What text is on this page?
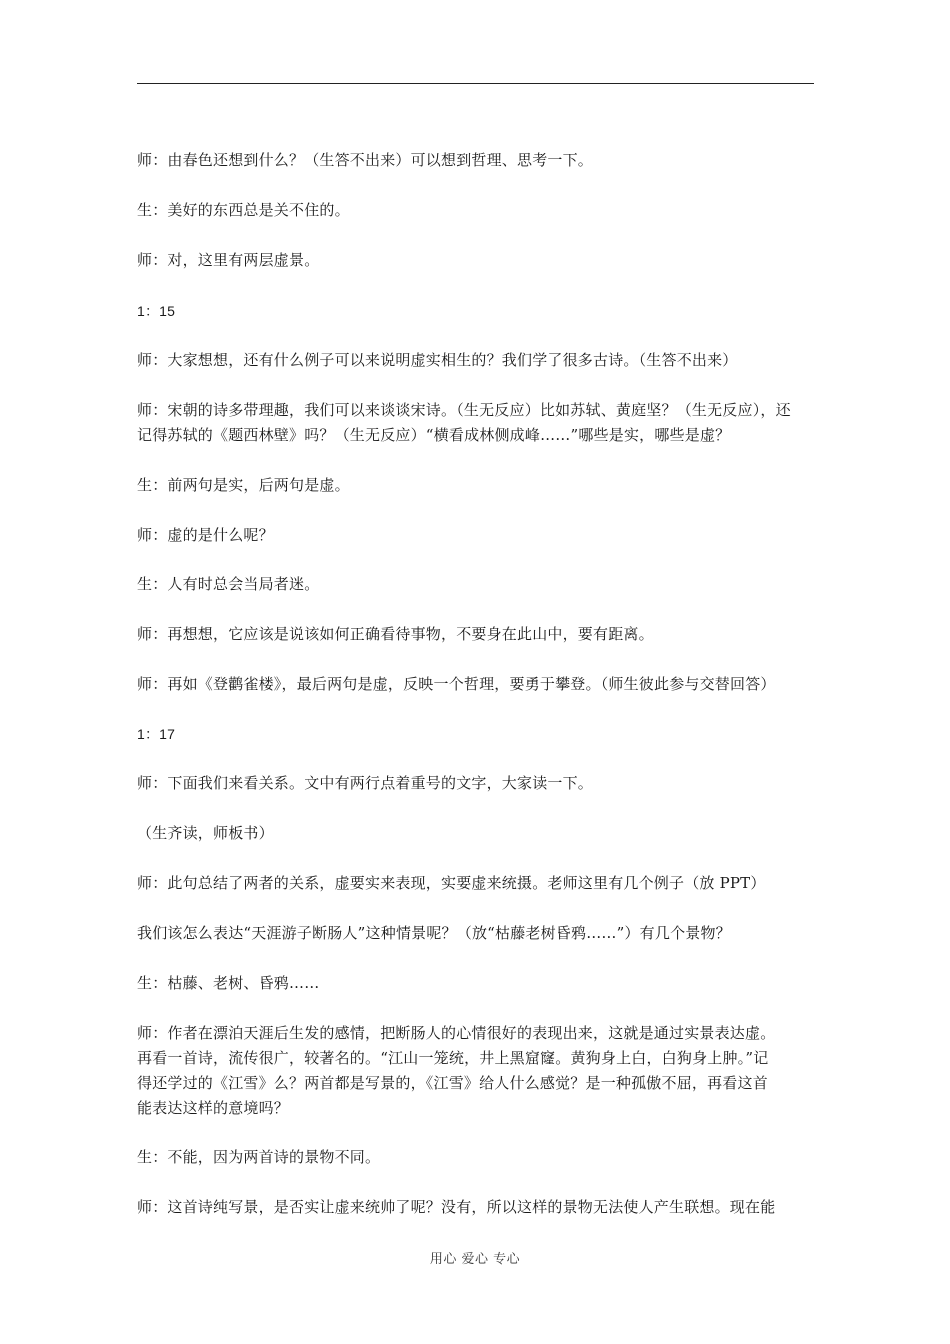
师：由春色还想到什么？（生答不出来）可以想到哲理、思考一下。
生：美好的东西总是关不住的。
师：对，这里有两层虚景。
1：15
师：大家想想，还有什么例子可以来说明虚实相生的？我们学了很多古诗。（生答不出来）
师：宋朝的诗多带理趣，我们可以来谈谈宋诗。（生无反应）比如苏轼、黄庭坚？（生无反应），还
记得苏轼的《题西林壁》吗？（生无反应）“横看成林侧成峰……”哪些是实，哪些是虚？
生：前两句是实，后两句是虚。
师：虚的是什么呢？
生：人有时总会当局者迷。
师：再想想，它应该是说该如何正确看待事物，不要身在此山中，要有距离。
师：再如《登鹳雀楼》，最后两句是虚，反映一个哲理，要勇于攀登。（师生彼此参与交替回答）
1：17
师：下面我们来看关系。文中有两行点着重号的文字，大家读一下。
（生齐读，师板书）
师：此句总结了两者的关系，虚要实来表现，实要虚来统摄。老师这里有几个例子（放 PPT）
我们该怎么表达“天涯游子断肠人”这种情景呢？（放“枯藤老树昏鸦……”）有几个景物？
生：枯藤、老树、昏鸦……
师：作者在漂泊天涯后生发的感情，把断肠人的心情很好的表现出来，这就是通过实景表达虚。
再看一首诗，流传很广，较著名的。“江山一笼统，井上黑窟窿。黄狗身上白，白狗身上肿。”记
得还学过的《江雪》么？两首都是写景的，《江雪》给人什么感觉？是一种孤傲不屈，再看这首
能表达这样的意境吗？
生：不能，因为两首诗的景物不同。
师：这首诗纯写景，是否实让虚来统帅了呢？没有，所以这样的景物无法使人产生联想。现在能
用心 爱心 专心
